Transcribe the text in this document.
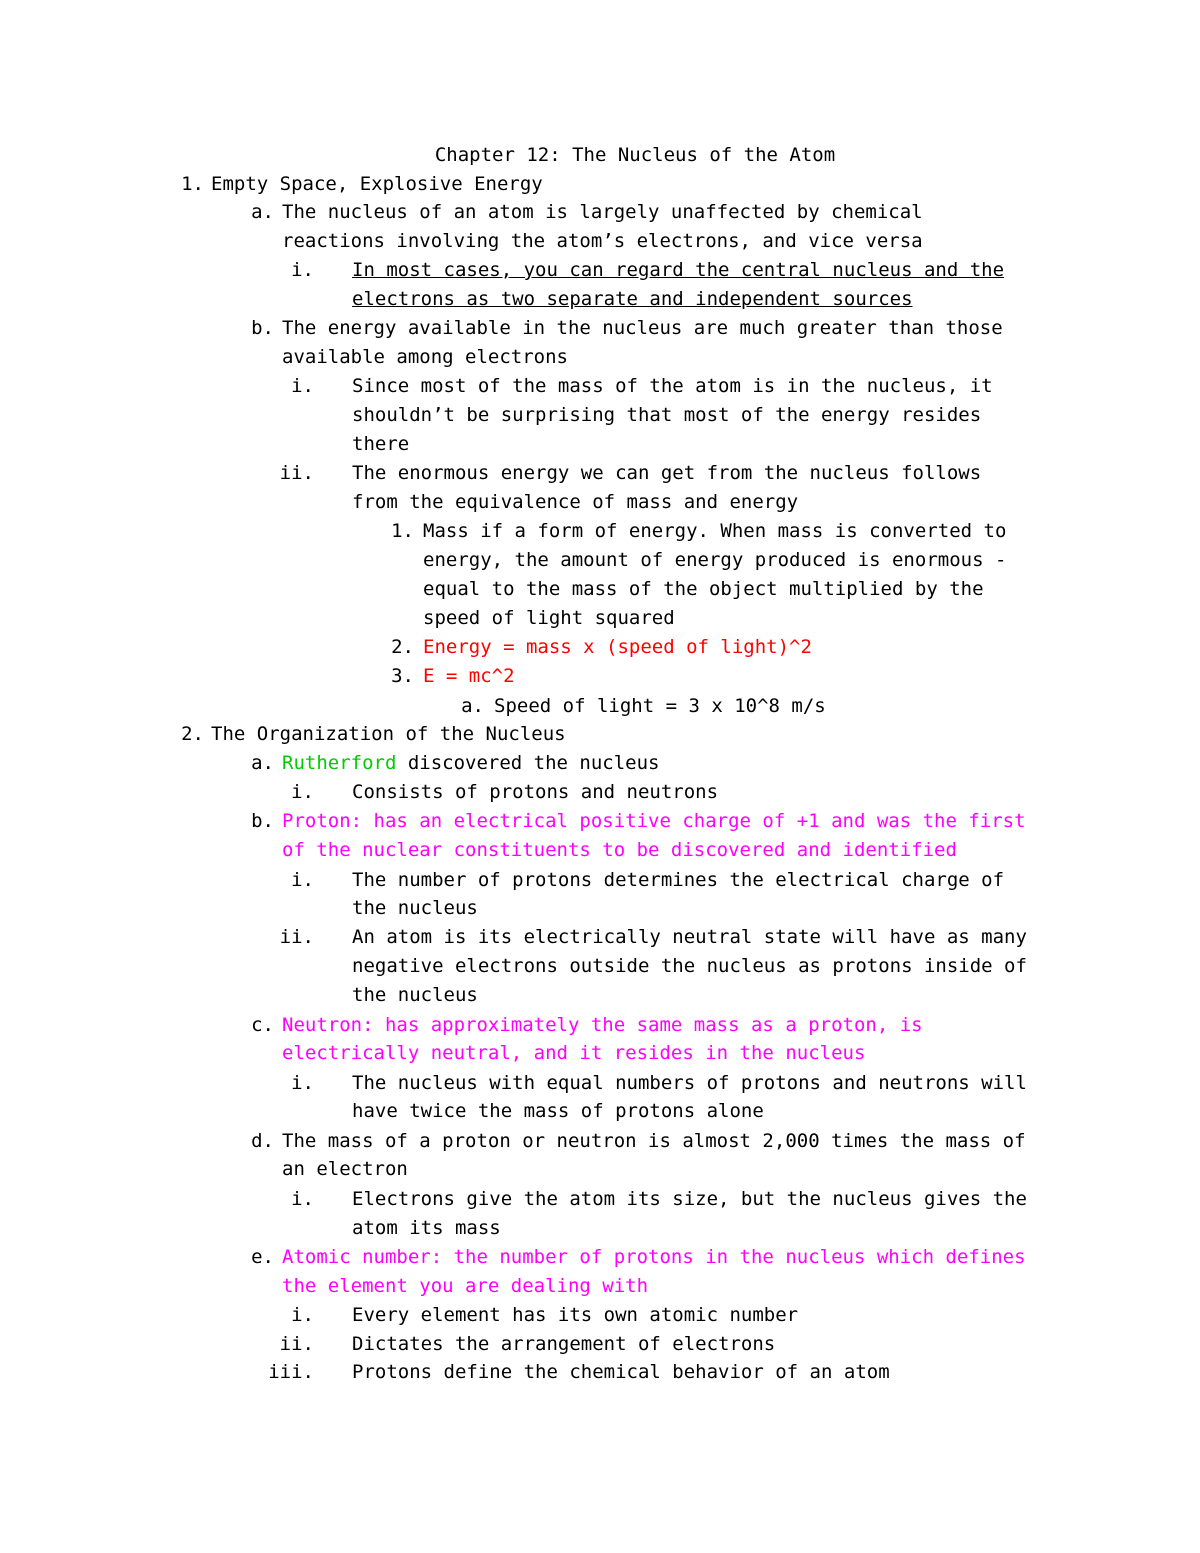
Chapter 12: The Nucleus of the Atom
1. Empty Space, Explosive Energy
a. The nucleus of an atom is largely unaffected by chemical
reactions involving the atom’s electrons, and vice versa
i. In most cases, you can regard the central nucleus and the
electrons as two separate and independent sources
b. The energy available in the nucleus are much greater than those
available among electrons
i. Since most of the mass of the atom is in the nucleus, it
shouldn’t be surprising that most of the energy resides
there
ii. The enormous energy we can get from the nucleus follows
from the equivalence of mass and energy
1. Mass if a form of energy. When mass is converted to
energy, the amount of energy produced is enormous -
equal to the mass of the object multiplied by the
speed of light squared
2. Energy = mass x (speed of light)^2
3. E = mc^2
a. Speed of light = 3 x 10^8 m/s
2. The Organization of the Nucleus
a. Rutherford discovered the nucleus
i. Consists of protons and neutrons
b. Proton: has an electrical positive charge of +1 and was the first
of the nuclear constituents to be discovered and identified
i. The number of protons determines the electrical charge of
the nucleus
ii. An atom is its electrically neutral state will have as many
negative electrons outside the nucleus as protons inside of
the nucleus
c. Neutron: has approximately the same mass as a proton, is
electrically neutral, and it resides in the nucleus
i. The nucleus with equal numbers of protons and neutrons will
have twice the mass of protons alone
d. The mass of a proton or neutron is almost 2,000 times the mass of
an electron
i. Electrons give the atom its size, but the nucleus gives the
atom its mass
e. Atomic number: the number of protons in the nucleus which defines
the element you are dealing with
i. Every element has its own atomic number
ii. Dictates the arrangement of electrons
iii. Protons define the chemical behavior of an atom
